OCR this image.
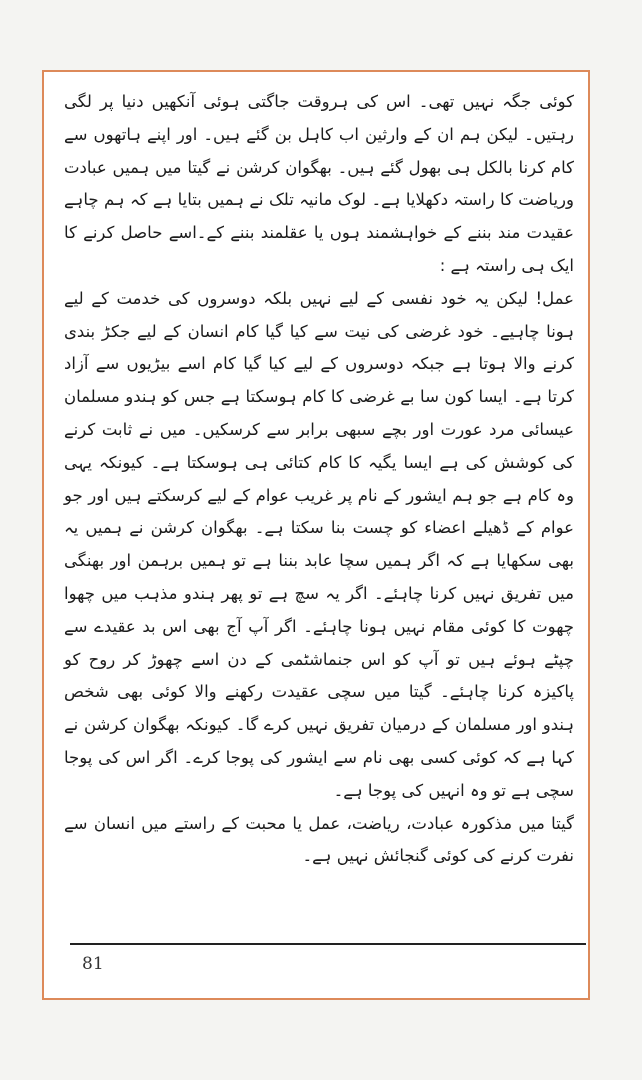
کوئی جگہ نہیں تھی۔ اس کی ہروقت جاگتی ہوئی آنکھیں دنیا پر لگی رہتیں۔ لیکن ہم ان کے وارثین اب کاہل بن گئے ہیں۔ اور اپنے ہاتھوں سے کام کرنا بالکل ہی بھول گئے ہیں۔ بھگوان کرشن نے گیتا میں ہمیں عبادت وریاضت کا راستہ دکھلایا ہے۔ لوک مانیہ تلک نے ہمیں بتایا ہے کہ ہم چاہے عقیدت مند بننے کے خواہشمند ہوں یا عقلمند بننے کے۔اسے حاصل کرنے کا ایک ہی راستہ ہے :

عمل! لیکن یہ خود نفسی کے لیے نہیں بلکہ دوسروں کی خدمت کے لیے ہونا چاہیے۔ خود غرضی کی نیت سے کیا گیا کام انسان کے لیے جکڑ بندی کرنے والا ہوتا ہے جبکہ دوسروں کے لیے کیا گیا کام اسے بیڑیوں سے آزاد کرتا ہے۔ ایسا کون سا بے غرضی کا کام ہوسکتا ہے جس کو ہندو مسلمان عیسائی مرد عورت اور بچے سبھی برابر سے کرسکیں۔ میں نے ثابت کرنے کی کوشش کی ہے ایسا یگیہ کا کام کتائی ہی ہوسکتا ہے۔ کیونکہ یہی وہ کام ہے جو ہم ایشور کے نام پر غریب عوام کے لیے کرسکتے ہیں اور جو عوام کے ڈھیلے اعضاء کو چست بنا سکتا ہے۔ بھگوان کرشن نے ہمیں یہ بھی سکھایا ہے کہ اگر ہمیں سچا عابد بننا ہے تو ہمیں برہمن اور بھنگی میں تفریق نہیں کرنا چاہئے۔ اگر یہ سچ ہے تو پھر ہندو مذہب میں چھوا چھوت کا کوئی مقام نہیں ہونا چاہئے۔ اگر آپ آج بھی اس بد عقیدے سے چپٹے ہوئے ہیں تو آپ کو اس جنماشٹمی کے دن اسے چھوڑ کر روح کو پاکیزہ کرنا چاہئے۔ گیتا میں سچی عقیدت رکھنے والا کوئی بھی شخص ہندو اور مسلمان کے درمیان تفریق نہیں کرے گا۔ کیونکہ بھگوان کرشن نے کہا ہے کہ کوئی کسی بھی نام سے ایشور کی پوجا کرے۔ اگر اس کی پوجا سچی ہے تو وہ انہیں کی پوجا ہے۔

گیتا میں مذکورہ عبادت، ریاضت، عمل یا محبت کے راستے میں انسان سے نفرت کرنے کی کوئی گنجائش نہیں ہے۔

81
